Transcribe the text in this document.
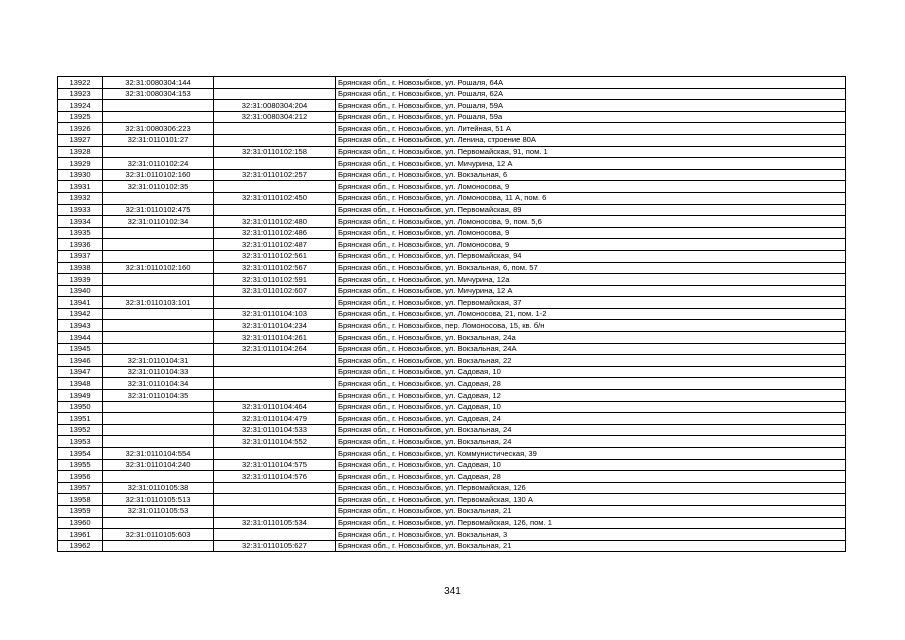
13922	32:31:0080304:144		Брянская обл., г. Новозыбков, ул. Рошаля, 64А
13923	32:31:0080304:153		Брянская обл., г. Новозыбков, ул. Рошаля, 62А
13924		32:31:0080304:204	Брянская обл., г. Новозыбков, ул. Рошаля, 59А
13925		32:31:0080304:212	Брянская обл., г. Новозыбков, ул. Рошаля, 59а
13926	32:31:0080306:223		Брянская обл., г. Новозыбков, ул. Литейная, 51 А
13927	32:31:0110101:27		Брянская обл., г. Новозыбков, ул. Ленина, строение 80А
13928		32:31:0110102:158	Брянская обл., г. Новозыбков, ул. Первомайская, 91, пом. 1
13929	32:31:0110102:24		Брянская обл., г. Новозыбков, ул. Мичурина, 12 А
13930	32:31:0110102:160	32:31:0110102:257	Брянская обл., г. Новозыбков, ул. Вокзальная, 6
13931	32:31:0110102:35		Брянская обл., г. Новозыбков, ул. Ломоносова, 9
13932		32:31:0110102:450	Брянская обл., г. Новозыбков, ул. Ломоносова, 11 А, пом. 6
13933	32:31:0110102:475		Брянская обл., г. Новозыбков, ул. Первомайская, 89
13934	32:31:0110102:34	32:31:0110102:480	Брянская обл., г. Новозыбков, ул. Ломоносова, 9, пом. 5,6
13935		32:31:0110102:486	Брянская обл., г. Новозыбков, ул. Ломоносова, 9
13936		32:31:0110102:487	Брянская обл., г. Новозыбков, ул. Ломоносова, 9
13937		32:31:0110102:561	Брянская обл., г. Новозыбков, ул. Первомайская, 94
13938	32:31:0110102:160	32:31:0110102:567	Брянская обл., г. Новозыбков, ул. Вокзальная, 6, пом. 57
13939		32:31:0110102:591	Брянская обл., г. Новозыбков, ул. Мичурина, 12а
13940		32:31:0110102:607	Брянская обл., г. Новозыбков, ул. Мичурина, 12 А
13941	32:31:0110103:101		Брянская обл., г. Новозыбков, ул. Первомайская, 37
13942		32:31:0110104:103	Брянская обл., г. Новозыбков, ул. Ломоносова, 21, пом. 1-2
13943		32:31:0110104:234	Брянская обл., г. Новозыбков, пер. Ломоносова, 15, кв. б/н
13944		32:31:0110104:261	Брянская обл., г. Новозыбков, ул. Вокзальная, 24а
13945		32:31:0110104:264	Брянская обл., г. Новозыбков, ул. Вокзальная, 24А
13946	32:31:0110104:31		Брянская обл., г. Новозыбков, ул. Вокзальная, 22
13947	32:31:0110104:33		Брянская обл., г. Новозыбков, ул. Садовая, 10
13948	32:31:0110104:34		Брянская обл., г. Новозыбков, ул. Садовая, 28
13949	32:31:0110104:35		Брянская обл., г. Новозыбков, ул. Садовая, 12
13950		32:31:0110104:464	Брянская обл., г. Новозыбков, ул. Садовая, 10
13951		32:31:0110104:479	Брянская обл., г. Новозыбков, ул. Садовая, 24
13952		32:31:0110104:533	Брянская обл., г. Новозыбков, ул. Вокзальная, 24
13953		32:31:0110104:552	Брянская обл., г. Новозыбков, ул. Вокзальная, 24
13954	32:31:0110104:554		Брянская обл., г. Новозыбков, ул. Коммунистическая, 39
13955	32:31:0110104:240	32:31:0110104:575	Брянская обл., г. Новозыбков, ул. Садовая, 10
13956		32:31:0110104:576	Брянская обл., г. Новозыбков, ул. Садовая, 28
13957	32:31:0110105:38		Брянская обл., г. Новозыбков, ул. Первомайская, 126
13958	32:31:0110105:513		Брянская обл., г. Новозыбков, ул. Первомайская, 130 А
13959	32:31:0110105:53		Брянская обл., г. Новозыбков, ул. Вокзальная, 21
13960		32:31:0110105:534	Брянская обл., г. Новозыбков, ул. Первомайская, 126, пом. 1
13961	32:31:0110105:603		Брянская обл., г. Новозыбков, ул. Вокзальная, 3
13962		32:31:0110105:627	Брянская обл., г. Новозыбков, ул. Вокзальная, 21
341
